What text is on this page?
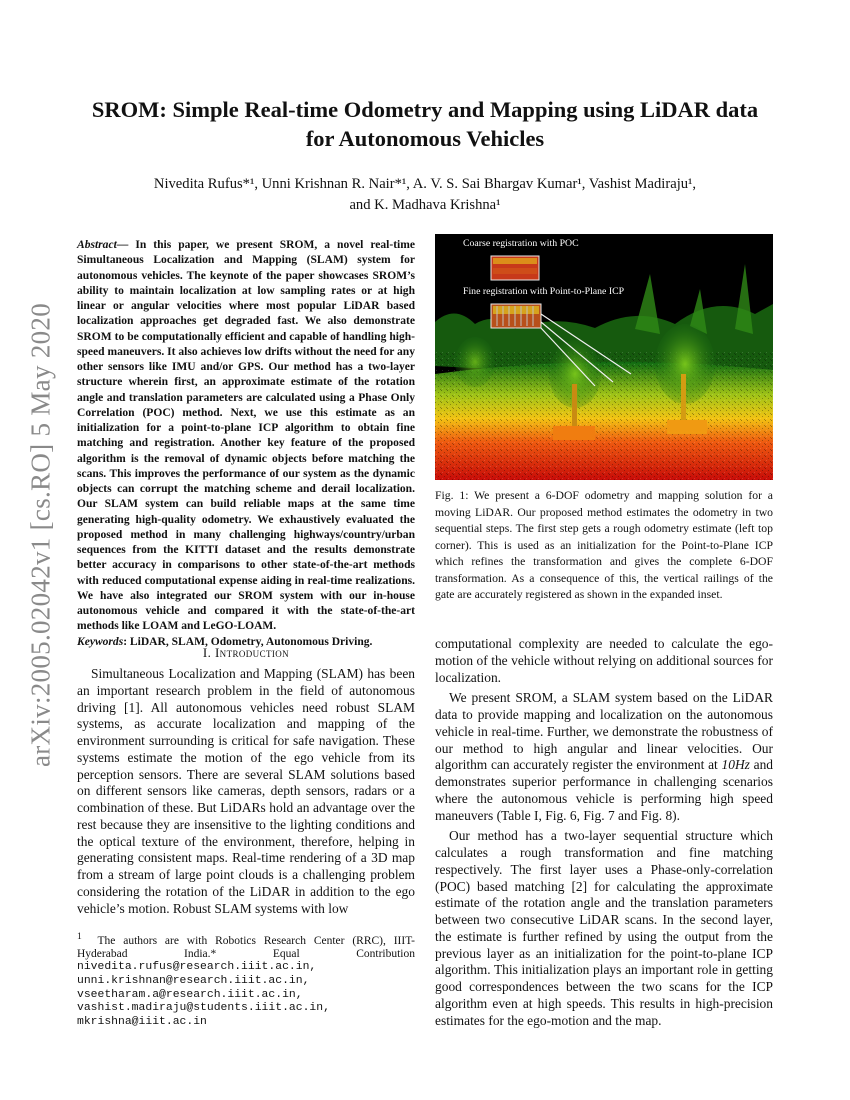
arXiv:2005.02042v1 [cs.RO] 5 May 2020
SROM: Simple Real-time Odometry and Mapping using LiDAR data for Autonomous Vehicles
Nivedita Rufus*¹, Unni Krishnan R. Nair*¹, A. V. S. Sai Bhargav Kumar¹, Vashist Madiraju¹,
and K. Madhava Krishna¹

Abstract— In this paper, we present SROM, a novel real-time Simultaneous Localization and Mapping (SLAM) system for autonomous vehicles. The keynote of the paper showcases SROM’s ability to maintain localization at low sampling rates or at high linear or angular velocities where most popular LiDAR based localization approaches get degraded fast. We also demonstrate SROM to be computationally efficient and capable of handling high-speed maneuvers. It also achieves low drifts without the need for any other sensors like IMU and/or GPS. Our method has a two-layer structure wherein first, an approximate estimate of the rotation angle and translation parameters are calculated using a Phase Only Correlation (POC) method. Next, we use this estimate as an initialization for a point-to-plane ICP algorithm to obtain fine matching and registration. Another key feature of the proposed algorithm is the removal of dynamic objects before matching the scans. This improves the performance of our system as the dynamic objects can corrupt the matching scheme and derail localization. Our SLAM system can build reliable maps at the same time generating high-quality odometry. We exhaustively evaluated the proposed method in many challenging highways/country/urban sequences from the KITTI dataset and the results demonstrate better accuracy in comparisons to other state-of-the-art methods with reduced computational expense aiding in real-time realizations. We have also integrated our SROM system with our in-house autonomous vehicle and compared it with the state-of-the-art methods like LOAM and LeGO-LOAM.

Keywords: LiDAR, SLAM, Odometry, Autonomous Driving.

I. Introduction

Simultaneous Localization and Mapping (SLAM) has been an important research problem in the field of autonomous driving [1]. All autonomous vehicles need robust SLAM systems, as accurate localization and mapping of the environment surrounding is critical for safe navigation. These systems estimate the motion of the ego vehicle from its perception sensors. There are several SLAM solutions based on different sensors like cameras, depth sensors, radars or a combination of these. But LiDARs hold an advantage over the rest because they are insensitive to the lighting conditions and the optical texture of the environment, therefore, helping in generating consistent maps. Real-time rendering of a 3D map from a stream of large point clouds is a challenging problem considering the rotation of the LiDAR in addition to the ego vehicle’s motion. Robust SLAM systems with low

$^1$ The authors are with Robotics Research Center (RRC), IIIT-Hyderabad India.* Equal Contribution
nivedita.rufus@research.iiit.ac.in,
unni.krishnan@research.iiit.ac.in,
vseetharam.a@research.iiit.ac.in,
vashist.madiraju@students.iiit.ac.in,
mkrishna@iiit.ac.in
Coarse registration with POC
Fine registration with Point-to-Plane ICP
Fig. 1: We present a 6-DOF odometry and mapping solution for a moving LiDAR. Our proposed method estimates the odometry in two sequential steps. The first step gets a rough odometry estimate (left top corner). This is used as an initialization for the Point-to-Plane ICP which refines the transformation and gives the complete 6-DOF transformation. As a consequence of this, the vertical railings of the gate are accurately registered as shown in the expanded inset.

computational complexity are needed to calculate the ego-motion of the vehicle without relying on additional sources for localization.

We present SROM, a SLAM system based on the LiDAR data to provide mapping and localization on the autonomous vehicle in real-time. Further, we demonstrate the robustness of our method to high angular and linear velocities. Our algorithm can accurately register the environment at 10Hz and demonstrates superior performance in challenging scenarios where the autonomous vehicle is performing high speed maneuvers (Table I, Fig. 6, Fig. 7 and Fig. 8).

Our method has a two-layer sequential structure which calculates a rough transformation and fine matching respectively. The first layer uses a Phase-only-correlation (POC) based matching [2] for calculating the approximate estimate of the rotation angle and the translation parameters between two consecutive LiDAR scans. In the second layer, the estimate is further refined by using the output from the previous layer as an initialization for the point-to-plane ICP algorithm. This initialization plays an important role in getting good correspondences between the two scans for the ICP algorithm even at high speeds. This results in high-precision estimates for the ego-motion and the map.
